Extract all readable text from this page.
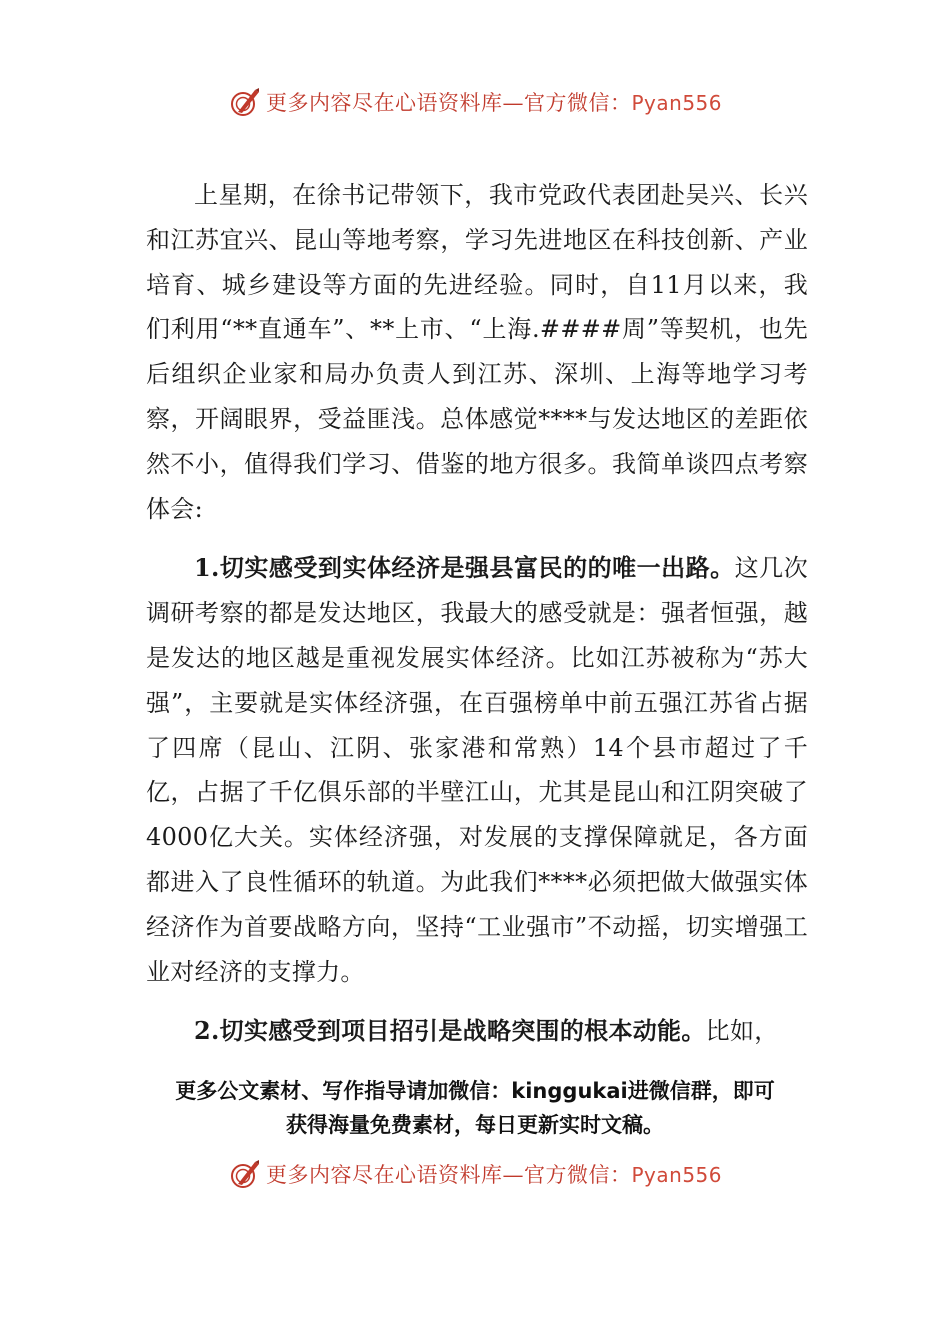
更多内容尽在心语资料库—官方微信：Pyan556

上星期，在徐书记带领下，我市党政代表团赴吴兴、长兴和江苏宜兴、昆山等地考察，学习先进地区在科技创新、产业培育、城乡建设等方面的先进经验。同时，自11月以来，我们利用“**直通车”、**上市、“上海.####周”等契机，也先后组织企业家和局办负责人到江苏、深圳、上海等地学习考察，开阔眼界，受益匪浅。总体感觉****与发达地区的差距依然不小，值得我们学习、借鉴的地方很多。我简单谈四点考察体会:

1.切实感受到实体经济是强县富民的的唯一出路。这几次调研考察的都是发达地区，我最大的感受就是：强者恒强，越是发达的地区越是重视发展实体经济。比如江苏被称为“苏大强”，主要就是实体经济强，在百强榜单中前五强江苏省占据了四席（昆山、江阴、张家港和常熟）14个县市超过了千亿，占据了千亿俱乐部的半壁江山，尤其是昆山和江阴突破了4000亿大关。实体经济强，对发展的支撑保障就足，各方面都进入了良性循环的轨道。为此我们****必须把做大做强实体经济作为首要战略方向，坚持“工业强市”不动摇，切实增强工业对经济的支撑力。

2.切实感受到项目招引是战略突围的根本动能。比如，

更多公文素材、写作指导请加微信：kinggukai进微信群，即可
获得海量免费素材，每日更新实时文稿。
更多内容尽在心语资料库—官方微信：Pyan556
